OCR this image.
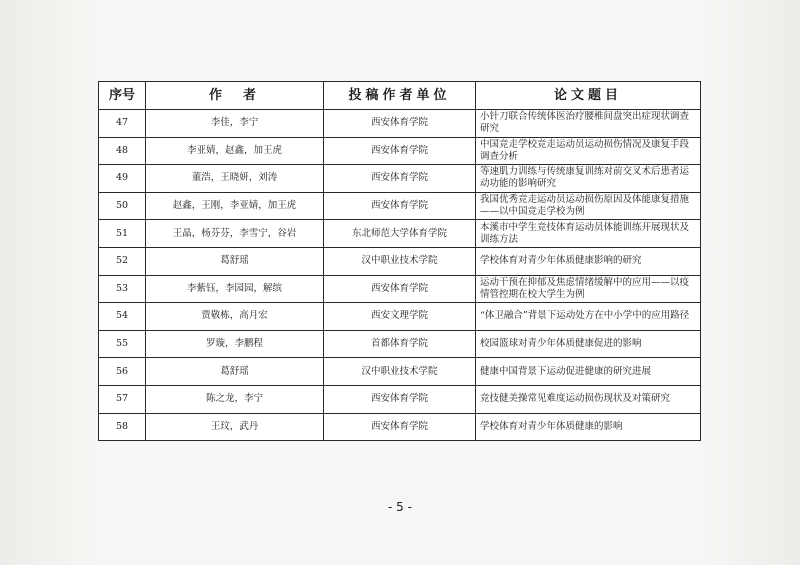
序号	作　者	投稿作者单位	论文题目
47	李佳，李宁	西安体育学院	小针刀联合传统体医治疗腰椎间盘突出症现状调查研究
48	李亚婧，赵鑫，加王虎	西安体育学院	中国竞走学校竞走运动员运动损伤情况及康复手段调查分析
49	董浩，王晓妍，刘涛	西安体育学院	等速肌力训练与传统康复训练对前交叉术后患者运动功能的影响研究
50	赵鑫，王刚，李亚婧，加王虎	西安体育学院	我国优秀竞走运动员运动损伤原因及体能康复措施——以中国竞走学校为例
51	王晶，杨芬芬，李雪宁，谷岩	东北师范大学体育学院	本溪市中学生竞技体育运动员体能训练开展现状及训练方法
52	葛舒瑶	汉中职业技术学院	学校体育对青少年体质健康影响的研究
53	李紫钰，李园园，解缤	西安体育学院	运动干预在抑郁及焦虑情绪缓解中的应用——以疫情管控期在校大学生为例
54	贾敬栋，高月宏	西安文理学院	“体卫融合”背景下运动处方在中小学中的应用路径
55	罗璇，李鹏程	首都体育学院	校园篮球对青少年体质健康促进的影响
56	葛舒瑶	汉中职业技术学院	健康中国背景下运动促进健康的研究进展
57	陈之龙，李宁	西安体育学院	竞技健美操常见难度运动损伤现状及对策研究
58	王玟，武丹	西安体育学院	学校体育对青少年体质健康的影响
- 5 -
